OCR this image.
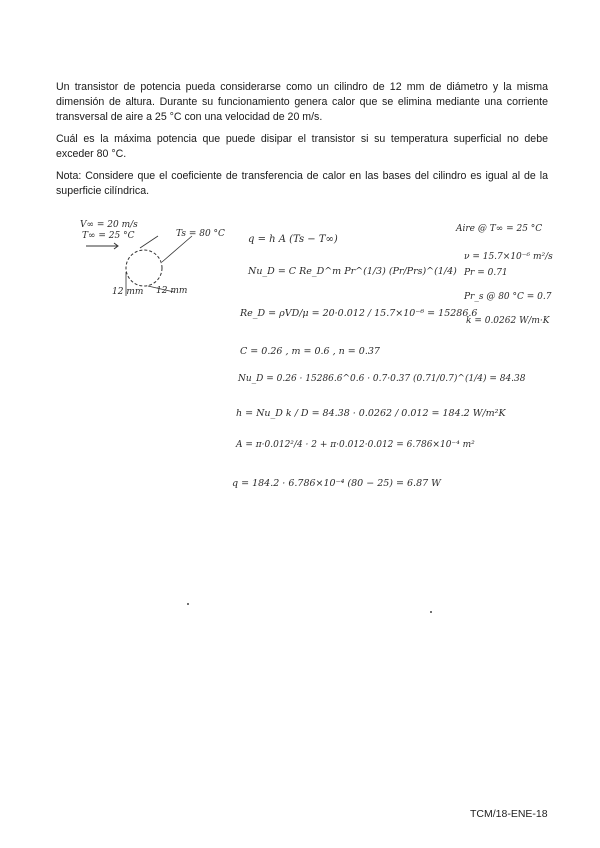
Un transistor de potencia pueda considerarse como un cilindro de 12 mm de diámetro y la misma dimensión de altura. Durante su funcionamiento genera calor que se elimina mediante una corriente transversal de aire a 25 °C con una velocidad de 20 m/s.

Cuál es la máxima potencia que puede disipar el transistor si su temperatura superficial no debe exceder 80 °C.

Nota: Considere que el coeficiente de transferencia de calor en las bases del cilindro es igual al de la superficie cilíndrica.

V∞ = 20 m/s
T∞ = 25 °C	Ts = 80 °C
12 mm 12 mm
q = h A (Ts − T∞)
Nu_D = C Re_D^m Pr^(1/3) (Pr/Prs)^(1/4)
Re_D = ρVD/μ = 20·0.012 / 15.7×10⁻⁶ = 15286.6
C = 0.26 , m = 0.6 , n = 0.37
Nu_D = 0.26 · 15286.6^0.6 · 0.7·0.37 (0.71/0.7)^(1/4) = 84.38
h = Nu_D k / D = 84.38 · 0.0262 / 0.012 = 184.2 W/m²K
A = π·0.012²/4 · 2 + π·0.012·0.012 = 6.786×10⁻⁴ m²
q = 184.2 · 6.786×10⁻⁴ (80 − 25) = 6.87 W
Aire @ T∞ = 25 °C
ν = 15.7×10⁻⁶ m²/s
Pr = 0.71
Pr_s @ 80 °C = 0.7
k = 0.0262 W/m·K
TCM/18-ENE-18
